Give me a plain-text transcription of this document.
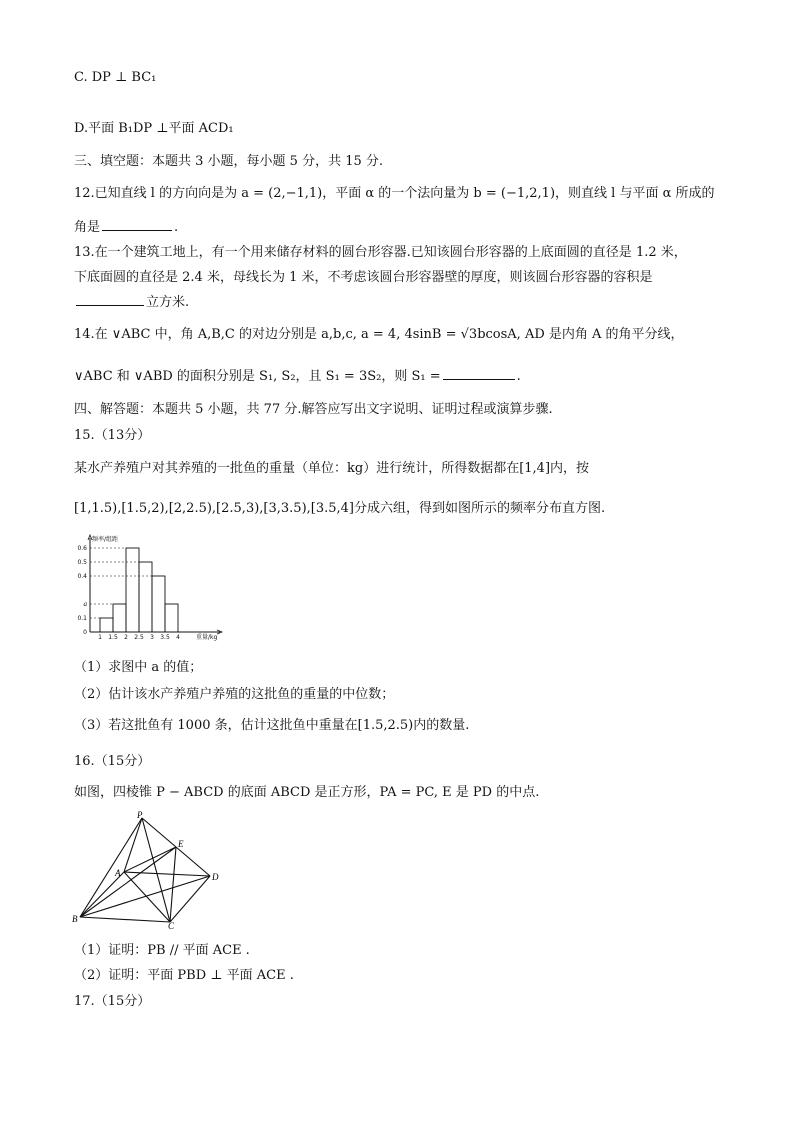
C. DP ⊥ BC₁
D.平面 B₁DP ⊥平面 ACD₁
三、填空题：本题共 3 小题，每小题 5 分，共 15 分.
12.已知直线 l 的方向向是为 a = (2,−1,1)，平面 α 的一个法向量为 b = (−1,2,1)，则直线 l 与平面 α 所成的
角是	.
13.在一个建筑工地上，有一个用来储存材料的圆台形容器.已知该圆台形容器的上底面圆的直径是 1.2 米，
下底面圆的直径是 2.4 米，母线长为 1 米，不考虑该圆台形容器壁的厚度，则该圆台形容器的容积是
立方米.
14.在 ∨ABC 中，角 A,B,C 的对边分别是 a,b,c, a = 4, 4sinB = √3bcosA, AD 是内角 A 的角平分线，
∨ABC 和 ∨ABD 的面积分别是 S₁, S₂，且 S₁ = 3S₂，则 S₁ =	.
四、解答题：本题共 5 小题，共 77 分.解答应写出文字说明、证明过程或演算步骤.
15.（13分）
某水产养殖户对其养殖的一批鱼的重量（单位：kg）进行统计，所得数据都在[1,4]内，按
[1,1.5),[1.5,2),[2,2.5),[2.5,3),[3,3.5),[3.5,4]分成六组，得到如图所示的频率分布直方图.
0.6
0.5
0.4
a
0.1
0
1 1.5 2 2.5 3 3.5 4
频率/组距
重量/kg
（1）求图中 a 的值；
（2）估计该水产养殖户养殖的这批鱼的重量的中位数；
（3）若这批鱼有 1000 条，估计这批鱼中重量在[1.5,2.5)内的数量.
16.（15分）
如图，四棱锥 P − ABCD 的底面 ABCD 是正方形，PA = PC, E 是 PD 的中点.
P
E
A	D
B
C
（1）证明：PB // 平面 ACE .
（2）证明：平面 PBD ⊥ 平面 ACE .
17.（15分）
